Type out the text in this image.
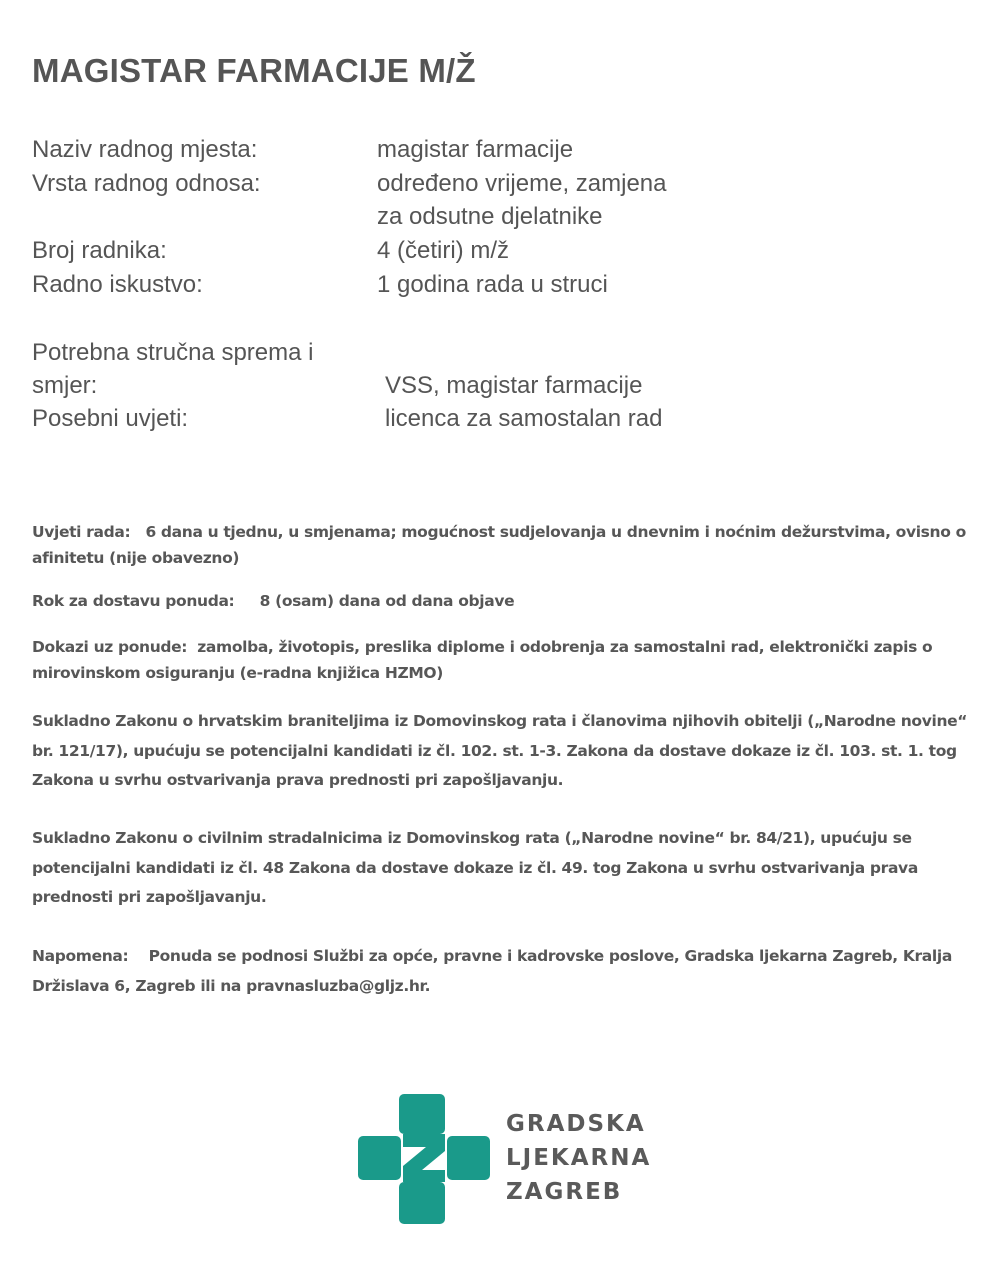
MAGISTAR FARMACIJE M/Ž
Naziv radnog mjesta:	magistar farmacije
Vrsta radnog odnosa:	određeno vrijeme, zamjena
za odsutne djelatnike
Broj radnika:	4 (četiri) m/ž
Radno iskustvo:	1 godina rada u struci
Potrebna stručna sprema i
smjer:	VSS, magistar farmacije
Posebni uvjeti:	licenca za samostalan rad
Uvjeti rada:   6 dana u tjednu, u smjenama; mogućnost sudjelovanja u dnevnim i noćnim dežurstvima, ovisno o afinitetu (nije obavezno)
Rok za dostavu ponuda:     8 (osam) dana od dana objave
Dokazi uz ponude:  zamolba, životopis, preslika diplome i odobrenja za samostalni rad, elektronički zapis o mirovinskom osiguranju (e-radna knjižica HZMO)
Sukladno Zakonu o hrvatskim braniteljima iz Domovinskog rata i članovima njihovih obitelji („Narodne novine“ br. 121/17), upućuju se potencijalni kandidati iz čl. 102. st. 1-3. Zakona da dostave dokaze iz čl. 103. st. 1. tog Zakona u svrhu ostvarivanja prava prednosti pri zapošljavanju.
Sukladno Zakonu o civilnim stradalnicima iz Domovinskog rata („Narodne novine“ br. 84/21), upućuju se potencijalni kandidati iz čl. 48 Zakona da dostave dokaze iz čl. 49. tog Zakona u svrhu ostvarivanja prava prednosti pri zapošljavanju.
Napomena:    Ponuda se podnosi Službi za opće, pravne i kadrovske poslove, Gradska ljekarna Zagreb, Kralja Držislava 6, Zagreb ili na pravnasluzba@gljz.hr.
GRADSKA
LJEKARNA
ZAGREB
